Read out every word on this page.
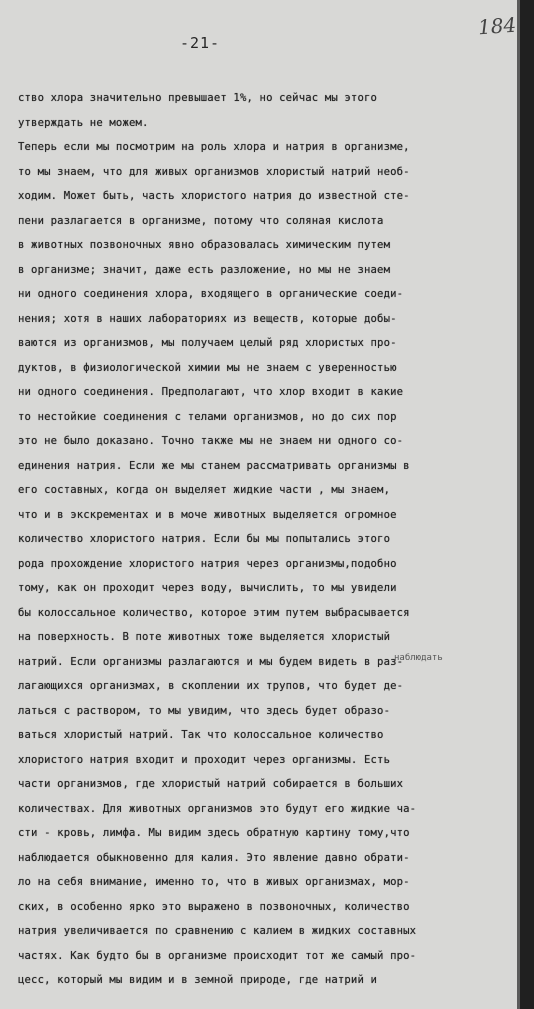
-21-
184
наблюдать
ство хлора значительно превышает 1%, но сейчас мы этого
утверждать не можем.
Теперь если мы посмотрим на роль хлора и натрия в организме,
то мы знаем, что для живых организмов хлористый натрий необ-
ходим. Может быть, часть хлористого натрия до известной сте-
пени разлагается в организме, потому что соляная кислота
в животных позвоночных явно образовалась химическим путем
в организме; значит, даже есть разложение, но мы не знаем
ни одного соединения хлора, входящего в органические соеди-
нения; хотя в наших лабораториях из веществ, которые добы-
ваются из организмов, мы получаем целый ряд хлористых про-
дуктов, в физиологической химии мы не знаем с уверенностью
ни одного соединения. Предполагают, что хлор входит в какие
то нестойкие соединения с телами организмов, но до сих пор
это не было доказано. Точно также мы не знаем ни одного со-
единения натрия. Если же мы станем рассматривать организмы в
его составных, когда он выделяет жидкие части , мы знаем,
что и в экскрементах и в моче животных выделяется огромное
количество хлористого натрия. Если бы мы попытались этого
рода прохождение хлористого натрия через организмы,подобно
тому, как он проходит через воду, вычислить, то мы увидели
бы колоссальное количество, которое этим путем выбрасывается
на поверхность. В поте животных тоже выделяется хлористый
натрий. Если организмы разлагаются и мы будем видеть в раз-
лагающихся организмах, в скоплении их трупов, что будет де-
латься с раствором, то мы увидим, что здесь будет образо-
ваться хлористый натрий. Так что колоссальное количество
хлористого натрия входит и проходит через организмы. Есть
части организмов, где хлористый натрий собирается в больших
количествах. Для животных организмов это будут его жидкие ча-
сти - кровь, лимфа. Мы видим здесь обратную картину тому,что
наблюдается обыкновенно для калия. Это явление давно обрати-
ло на себя внимание, именно то, что в живых организмах, мор-
ских, в особенно ярко это выражено в позвоночных, количество
натрия увеличивается по сравнению с калием в жидких составных
частях. Как будто бы в организме происходит тот же самый про-
цесс, который мы видим и в земной природе, где натрий и
